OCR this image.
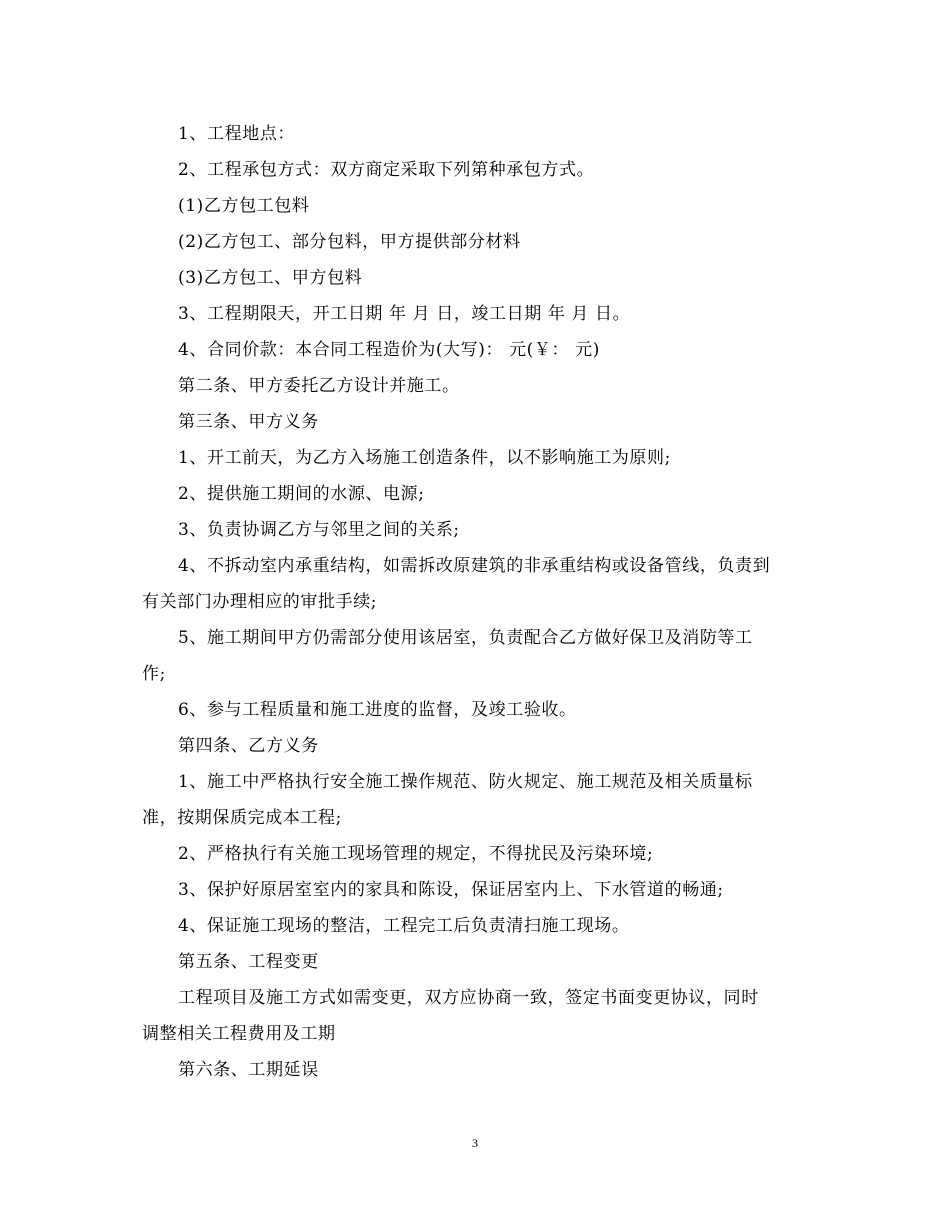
1、工程地点：
2、工程承包方式：双方商定采取下列第种承包方式。
(1)乙方包工包料
(2)乙方包工、部分包料，甲方提供部分材料
(3)乙方包工、甲方包料
3、工程期限天，开工日期 年 月 日，竣工日期 年 月 日。
4、合同价款：本合同工程造价为(大写)： 元(￥： 元)
第二条、甲方委托乙方设计并施工。
第三条、甲方义务
1、开工前天，为乙方入场施工创造条件，以不影响施工为原则;
2、提供施工期间的水源、电源;
3、负责协调乙方与邻里之间的关系;
4、不拆动室内承重结构，如需拆改原建筑的非承重结构或设备管线，负责到
有关部门办理相应的审批手续;
5、施工期间甲方仍需部分使用该居室，负责配合乙方做好保卫及消防等工
作;
6、参与工程质量和施工进度的监督，及竣工验收。
第四条、乙方义务
1、施工中严格执行安全施工操作规范、防火规定、施工规范及相关质量标
准，按期保质完成本工程;
2、严格执行有关施工现场管理的规定，不得扰民及污染环境;
3、保护好原居室室内的家具和陈设，保证居室内上、下水管道的畅通;
4、保证施工现场的整洁，工程完工后负责清扫施工现场。
第五条、工程变更
工程项目及施工方式如需变更，双方应协商一致，签定书面变更协议，同时
调整相关工程费用及工期
第六条、工期延误
3
